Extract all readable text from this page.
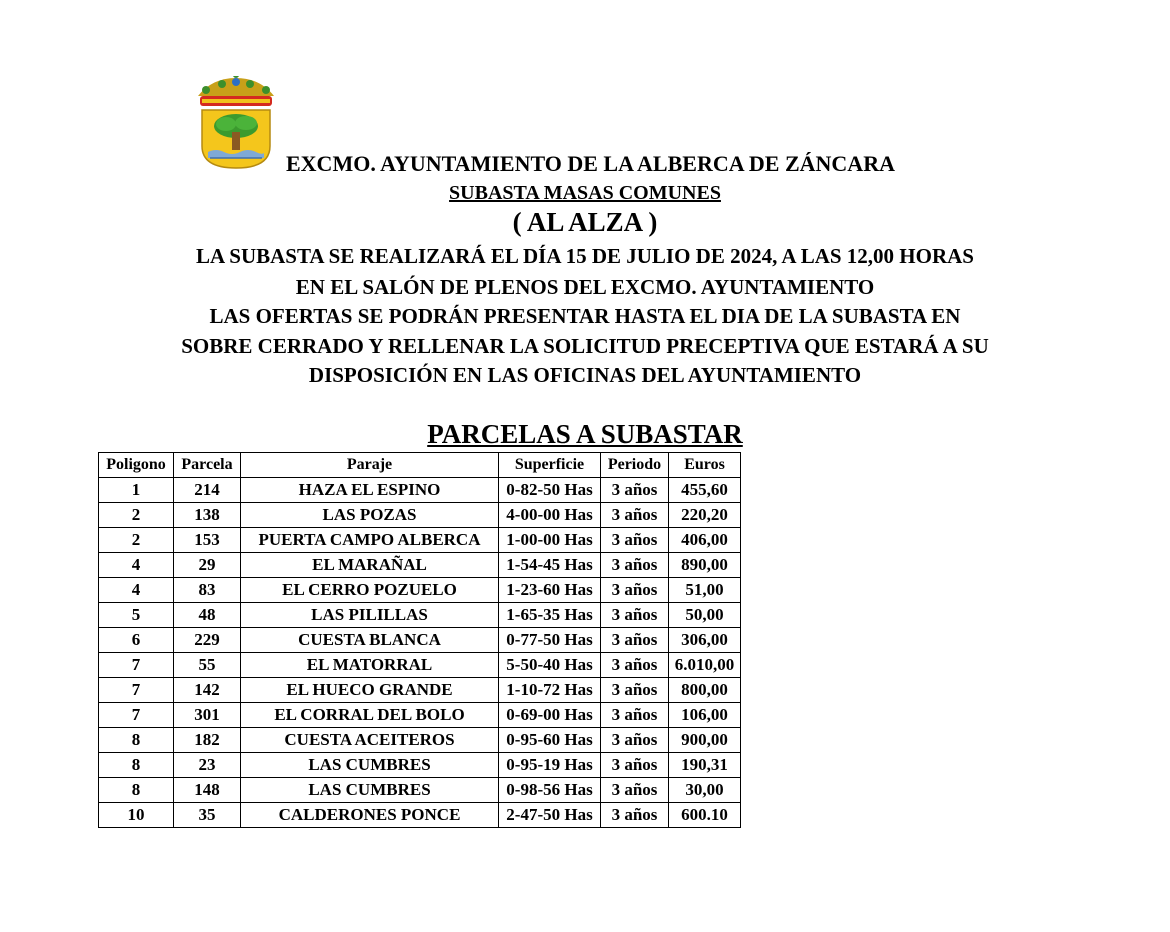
EXCMO. AYUNTAMIENTO DE LA ALBERCA DE ZÁNCARA
SUBASTA MASAS COMUNES
( AL ALZA )
LA SUBASTA SE REALIZARÁ EL DÍA 15 DE JULIO DE 2024, A LAS 12,00 HORAS
EN EL SALÓN DE PLENOS DEL EXCMO. AYUNTAMIENTO
LAS OFERTAS SE PODRÁN PRESENTAR HASTA EL DIA DE LA SUBASTA EN
SOBRE CERRADO Y RELLENAR LA SOLICITUD PRECEPTIVA QUE ESTARÁ A SU
DISPOSICIÓN EN LAS OFICINAS DEL AYUNTAMIENTO
PARCELAS A SUBASTAR
Poligono	Parcela	Paraje	Superficie	Periodo	Euros
1	214	HAZA EL ESPINO	0-82-50 Has	3 años	455,60
2	138	LAS POZAS	4-00-00 Has	3 años	220,20
2	153	PUERTA CAMPO ALBERCA	1-00-00 Has	3 años	406,00
4	29	EL MARAÑAL	1-54-45 Has	3 años	890,00
4	83	EL CERRO POZUELO	1-23-60 Has	3 años	51,00
5	48	LAS PILILLAS	1-65-35 Has	3 años	50,00
6	229	CUESTA BLANCA	0-77-50 Has	3 años	306,00
7	55	EL MATORRAL	5-50-40 Has	3 años	6.010,00
7	142	EL HUECO GRANDE	1-10-72 Has	3 años	800,00
7	301	EL CORRAL DEL BOLO	0-69-00 Has	3 años	106,00
8	182	CUESTA ACEITEROS	0-95-60 Has	3 años	900,00
8	23	LAS CUMBRES	0-95-19 Has	3 años	190,31
8	148	LAS CUMBRES	0-98-56 Has	3 años	30,00
10	35	CALDERONES PONCE	2-47-50 Has	3 años	600.10
